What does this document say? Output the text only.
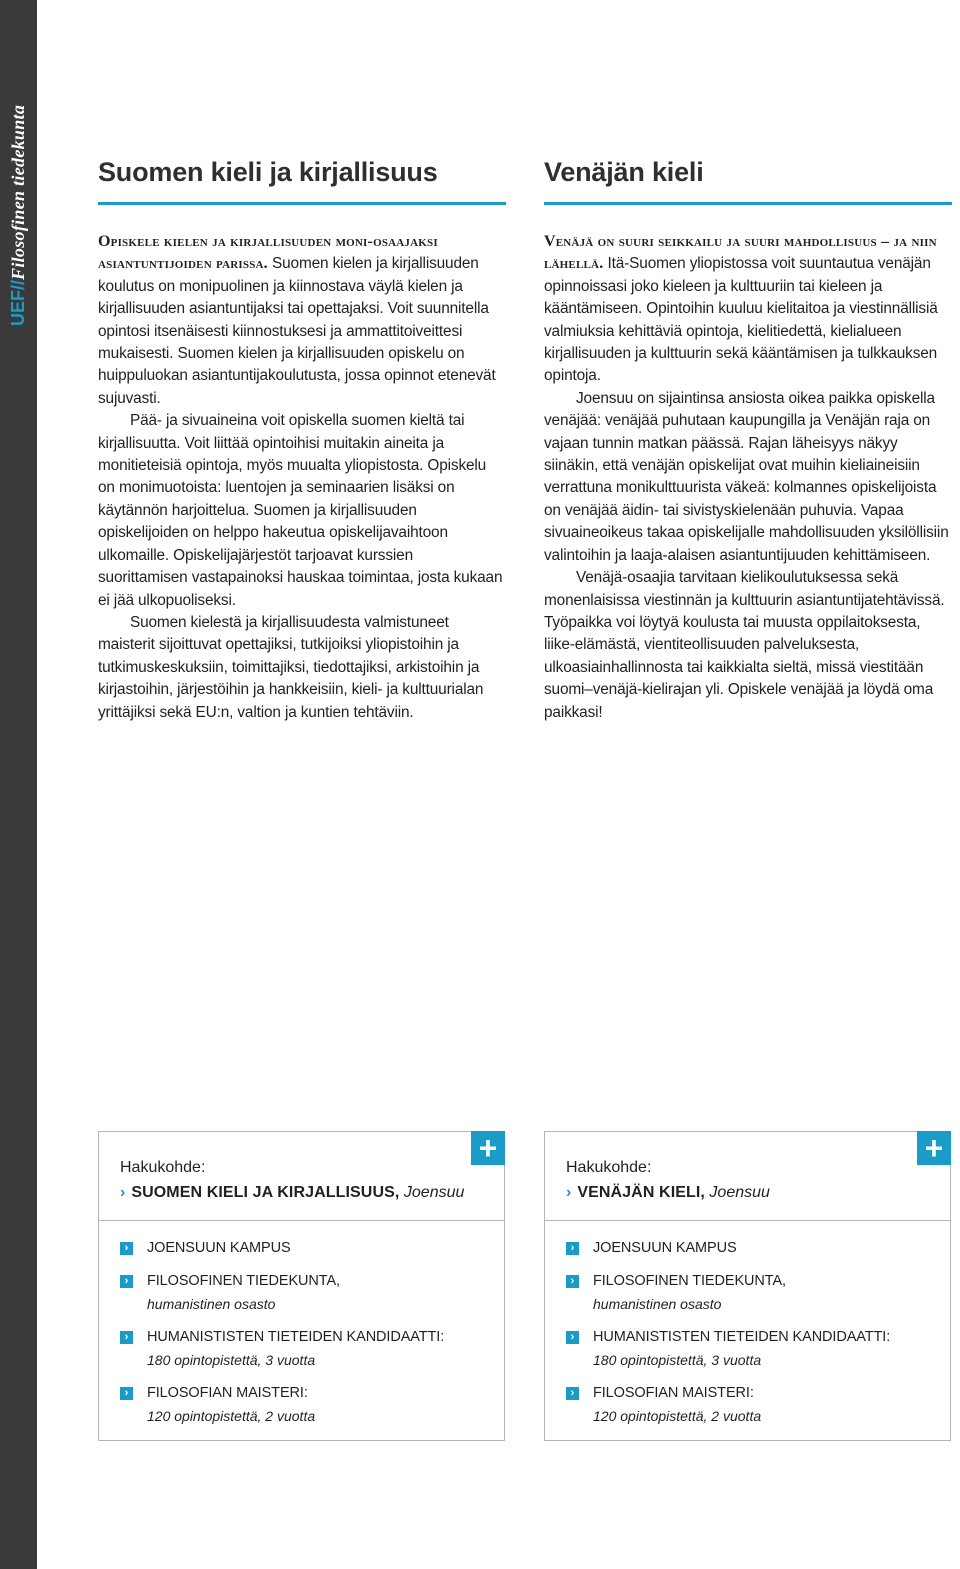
UEF//Filosofinen tiedekunta	Suomen kieli ja kirjallisuus

Opiskele kielen ja kirjallisuuden moni-osaajaksi asiantuntijoiden parissa. Suomen kielen ja kirjallisuuden koulutus on monipuolinen ja kiinnostava väylä kielen ja kirjallisuuden asiantuntijaksi tai opettajaksi. Voit suunnitella opintosi itsenäisesti kiinnostuksesi ja ammattitoiveittesi mukaisesti. Suomen kielen ja kirjallisuuden opiskelu on huippuluokan asiantuntijakoulutusta, jossa opinnot etenevät sujuvasti.

Pää- ja sivuaineina voit opiskella suomen kieltä tai kirjallisuutta. Voit liittää opintoihisi muitakin aineita ja monitieteisiä opintoja, myös muualta yliopistosta. Opiskelu on monimuotoista: luentojen ja seminaarien lisäksi on käytännön harjoittelua. Suomen ja kirjallisuuden opiskelijoiden on helppo hakeutua opiskelijavaihtoon ulkomaille. Opiskelijajärjestöt tarjoavat kurssien suorittamisen vastapainoksi hauskaa toimintaa, josta kukaan ei jää ulkopuoliseksi.

Suomen kielestä ja kirjallisuudesta valmistuneet maisterit sijoittuvat opettajiksi, tutkijoiksi yliopistoihin ja tutkimuskeskuksiin, toimittajiksi, tiedottajiksi, arkistoihin ja kirjastoihin, järjestöihin ja hankkeisiin, kieli- ja kulttuurialan yrittäjiksi sekä EU:n, valtion ja kuntien tehtäviin.

Venäjän kieli

Venäjä on suuri seikkailu ja suuri mahdollisuus – ja niin lähellä. Itä-Suomen yliopistossa voit suuntautua venäjän opinnoissasi joko kieleen ja kulttuuriin tai kieleen ja kääntämiseen. Opintoihin kuuluu kielitaitoa ja viestinnällisiä valmiuksia kehittäviä opintoja, kielitiedettä, kielialueen kirjallisuuden ja kulttuurin sekä kääntämisen ja tulkkauksen opintoja.

Joensuu on sijaintinsa ansiosta oikea paikka opiskella venäjää: venäjää puhutaan kaupungilla ja Venäjän raja on vajaan tunnin matkan päässä. Rajan läheisyys näkyy siinäkin, että venäjän opiskelijat ovat muihin kieliaineisiin verrattuna monikulttuurista väkeä: kolmannes opiskelijoista on venäjää äidin- tai sivistyskielenään puhuvia. Vapaa sivuaineoikeus takaa opiskelijalle mahdollisuuden yksilöllisiin valintoihin ja laaja-alaisen asiantuntijuuden kehittämiseen.

Venäjä-osaajia tarvitaan kielikoulutuksessa sekä monenlaisissa viestinnän ja kulttuurin asiantuntijatehtävissä. Työpaikka voi löytyä koulusta tai muusta oppilaitoksesta, liike-elämästä, vientiteollisuuden palveluksesta, ulkoasiainhallinnosta tai kaikkialta sieltä, missä viestitään suomi–venäjä-kielirajan yli. Opiskele venäjää ja löydä oma paikkasi!

+
Hakukohde:
› SUOMEN KIELI JA KIRJALLISUUS, Joensuu
›	JOENSUUN KAMPUS
›	FILOSOFINEN TIEDEKUNTA,
humanistinen osasto
›	HUMANISTISTEN TIETEIDEN KANDIDAATTI:
180 opintopistettä, 3 vuotta
›	FILOSOFIAN MAISTERI:
120 opintopistettä, 2 vuotta
+
Hakukohde:
› VENÄJÄN KIELI, Joensuu
›	JOENSUUN KAMPUS
›	FILOSOFINEN TIEDEKUNTA,
humanistinen osasto
›	HUMANISTISTEN TIETEIDEN KANDIDAATTI:
180 opintopistettä, 3 vuotta
›	FILOSOFIAN MAISTERI:
120 opintopistettä, 2 vuotta
